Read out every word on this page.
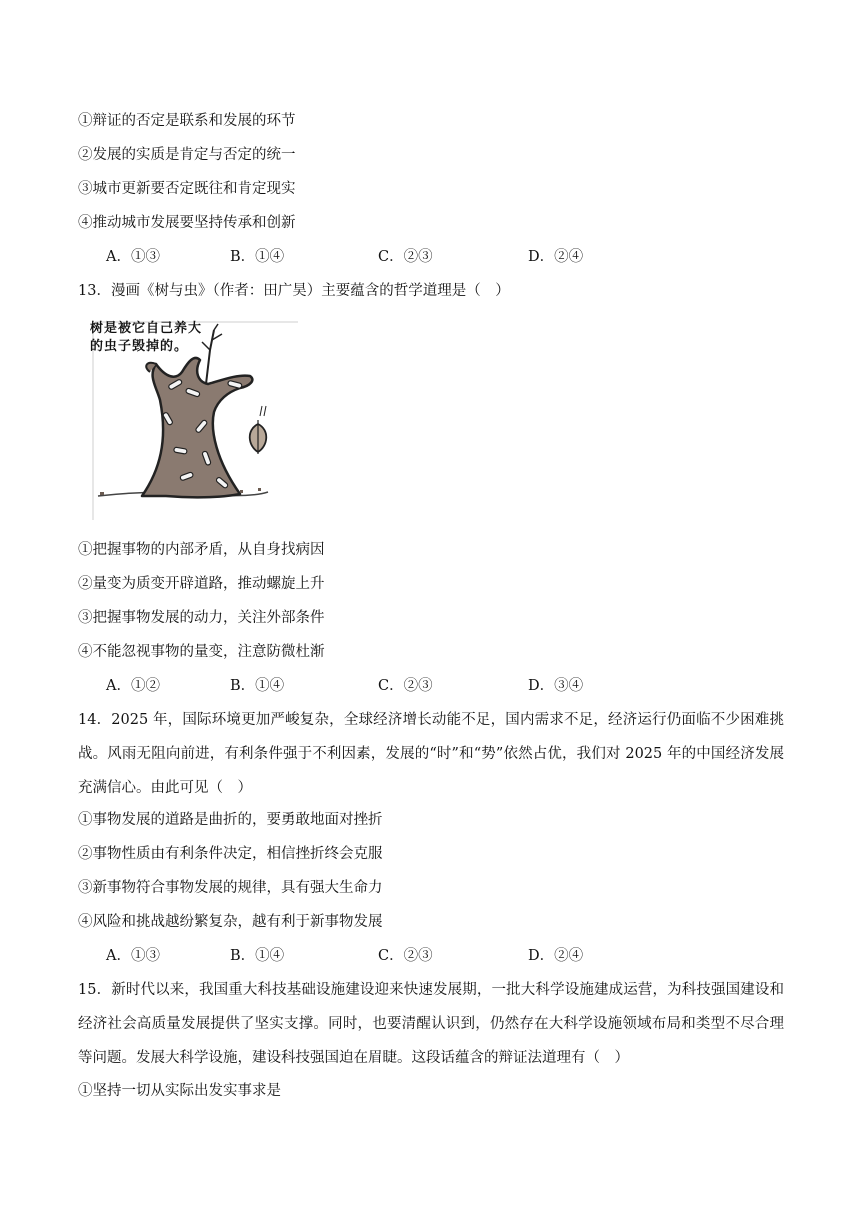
①辩证的否定是联系和发展的环节
②发展的实质是肯定与否定的统一
③城市更新要否定既往和肯定现实
④推动城市发展要坚持传承和创新
A．①③	B．①④	C．②③	D．②④
13．漫画《树与虫》（作者：田广昊）主要蕴含的哲学道理是（　）
树是被它自己养大
的虫子毁掉的。
①把握事物的内部矛盾，从自身找病因
②量变为质变开辟道路，推动螺旋上升
③把握事物发展的动力，关注外部条件
④不能忽视事物的量变，注意防微杜渐
A．①②	B．①④	C．②③	D．③④
14．2025 年，国际环境更加严峻复杂，全球经济增长动能不足，国内需求不足，经济运行仍面临不少困难挑战。风雨无阻向前进，有利条件强于不利因素，发展的“时”和“势”依然占优，我们对 2025 年的中国经济发展充满信心。由此可见（　）
①事物发展的道路是曲折的，要勇敢地面对挫折
②事物性质由有利条件决定，相信挫折终会克服
③新事物符合事物发展的规律，具有强大生命力
④风险和挑战越纷繁复杂，越有利于新事物发展
A．①③	B．①④	C．②③	D．②④
15．新时代以来，我国重大科技基础设施建设迎来快速发展期，一批大科学设施建成运营，为科技强国建设和经济社会高质量发展提供了坚实支撑。同时，也要清醒认识到，仍然存在大科学设施领域布局和类型不尽合理等问题。发展大科学设施，建设科技强国迫在眉睫。这段话蕴含的辩证法道理有（　）
①坚持一切从实际出发实事求是
